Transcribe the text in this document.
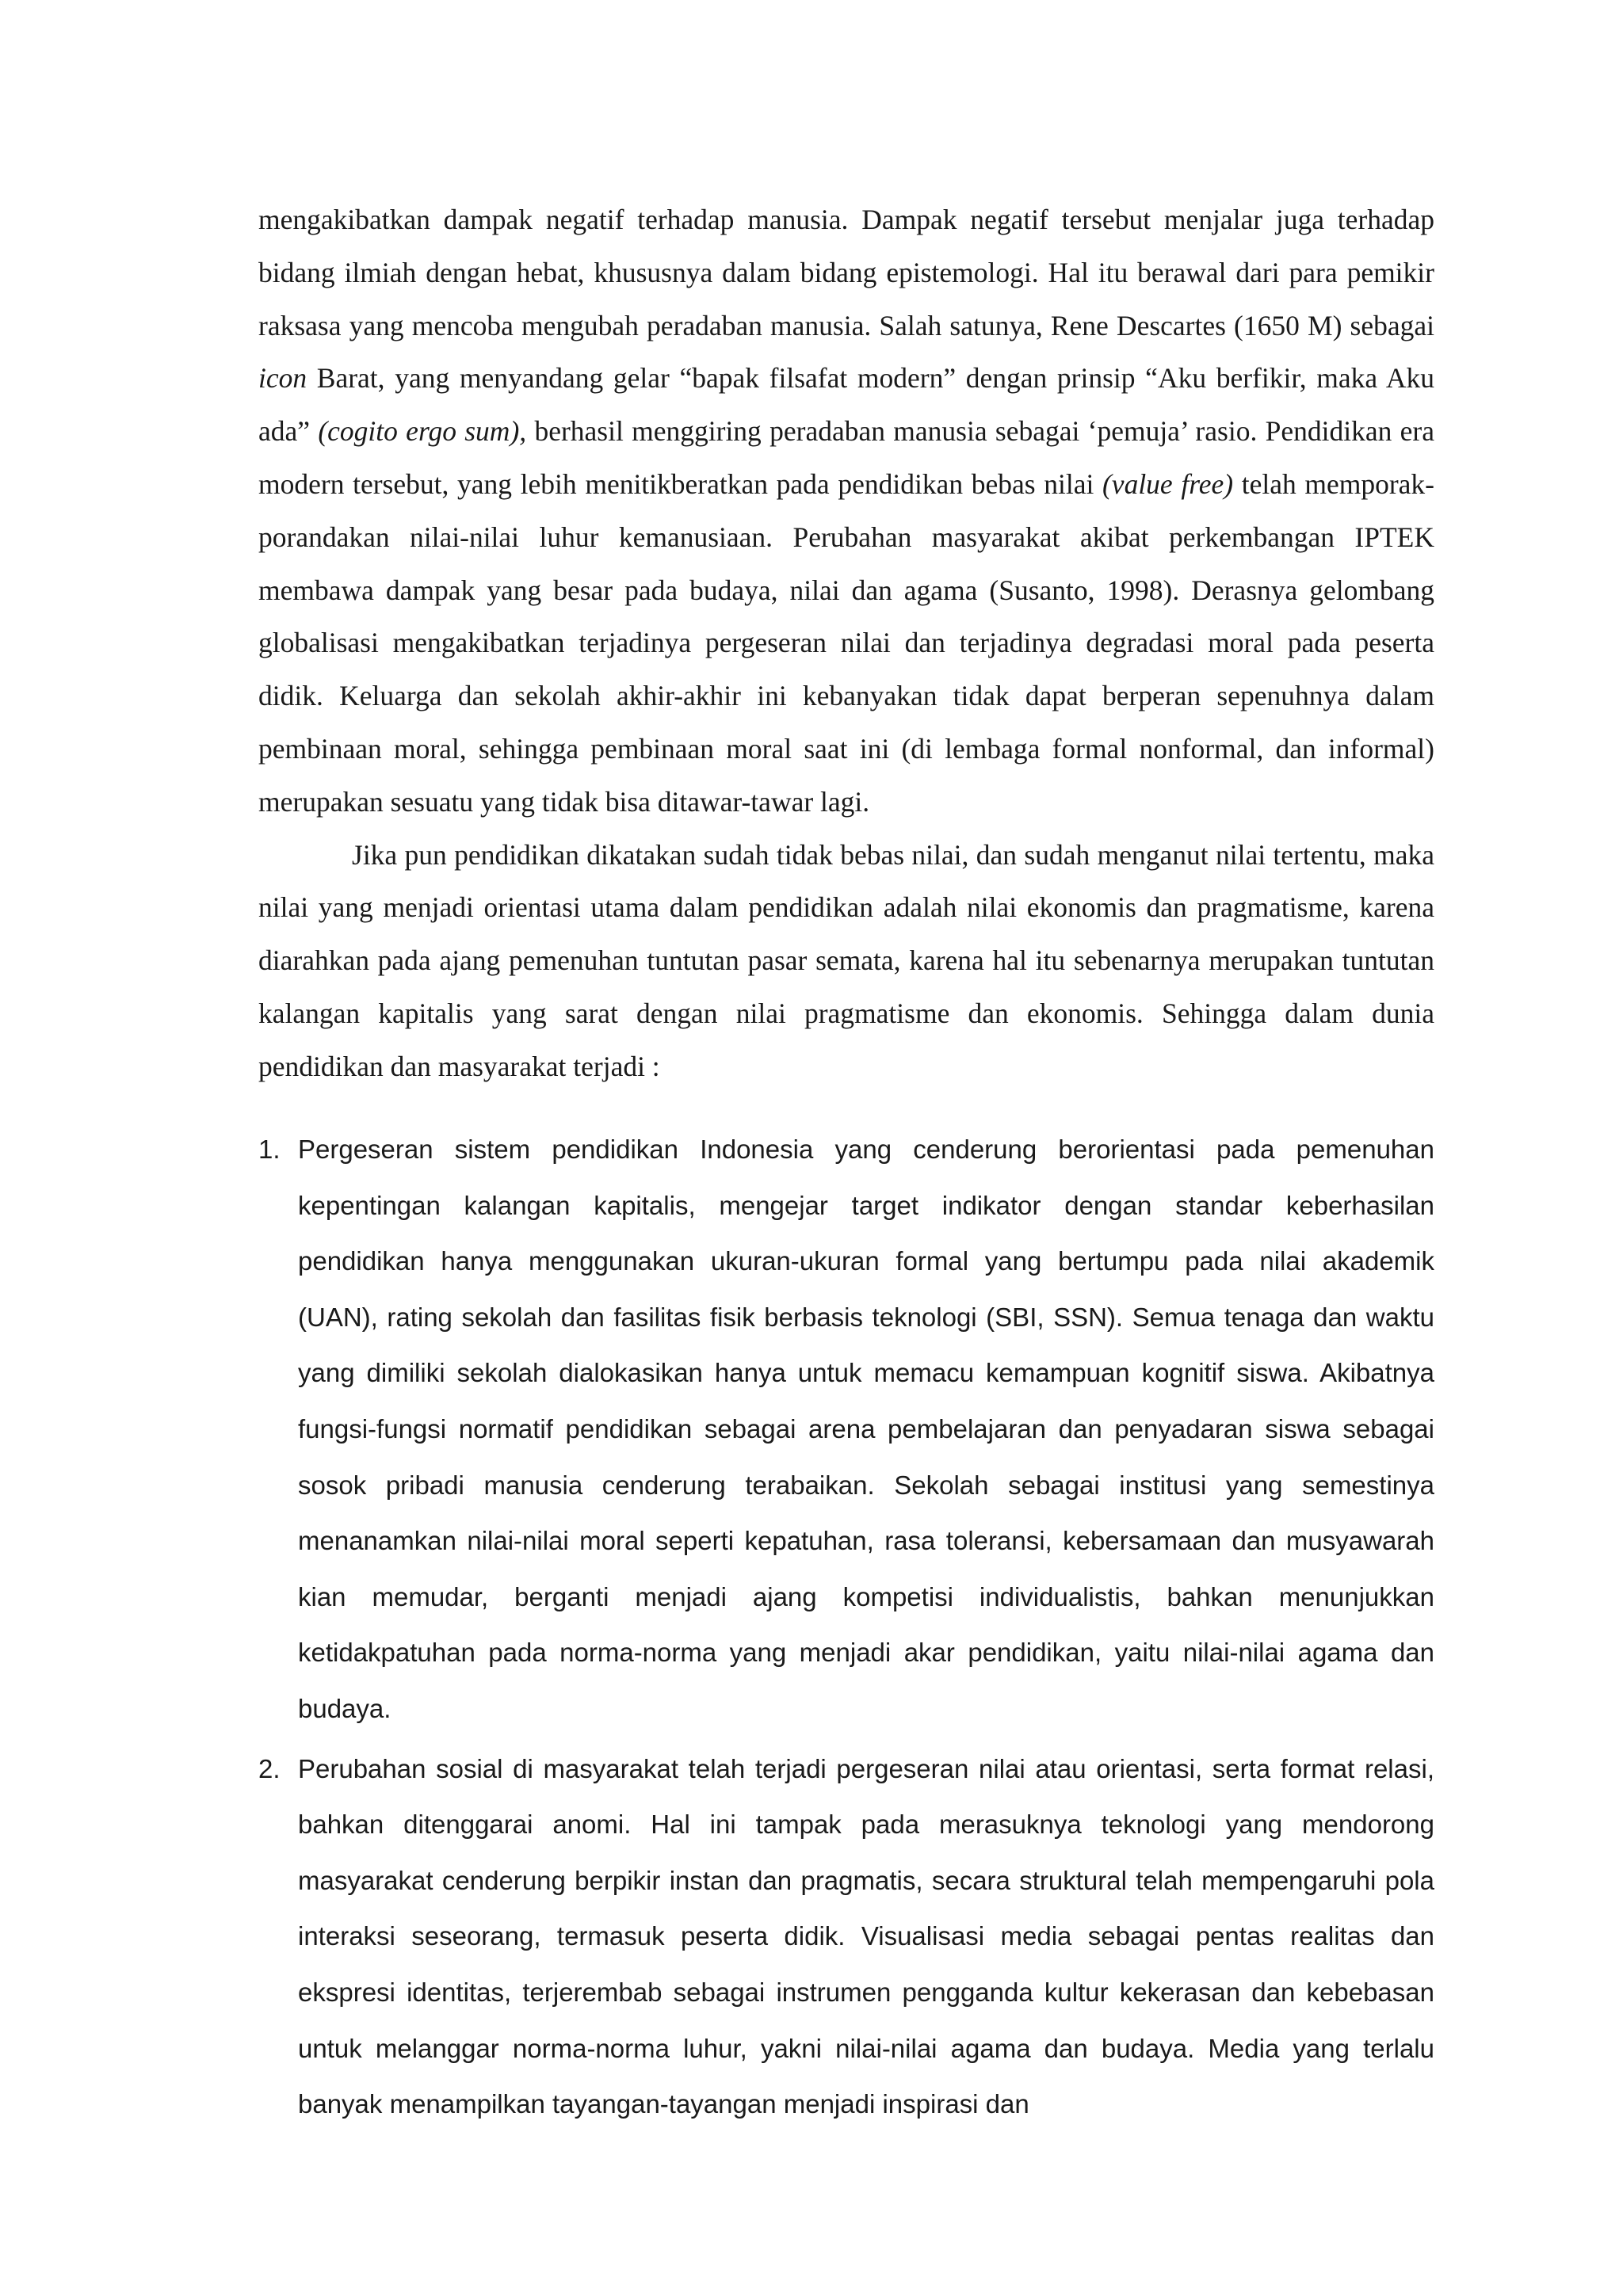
mengakibatkan dampak negatif terhadap manusia. Dampak negatif tersebut menjalar juga terhadap bidang ilmiah dengan hebat, khususnya dalam bidang epistemologi. Hal itu berawal dari para pemikir raksasa yang mencoba mengubah peradaban manusia. Salah satunya, Rene Descartes (1650 M) sebagai icon Barat, yang menyandang gelar “bapak filsafat modern” dengan prinsip “Aku berfikir, maka Aku ada” (cogito ergo sum), berhasil menggiring peradaban manusia sebagai ‘pemuja’ rasio. Pendidikan era modern tersebut, yang lebih menitikberatkan pada pendidikan bebas nilai (value free) telah memporak-porandakan nilai-nilai luhur kemanusiaan. Perubahan masyarakat akibat perkembangan IPTEK membawa dampak yang besar pada budaya, nilai dan agama (Susanto, 1998). Derasnya gelombang globalisasi mengakibatkan terjadinya pergeseran nilai dan terjadinya degradasi moral pada peserta didik. Keluarga dan sekolah akhir-akhir ini kebanyakan tidak dapat berperan sepenuhnya dalam pembinaan moral, sehingga pembinaan moral saat ini (di lembaga formal nonformal, dan informal) merupakan sesuatu yang tidak bisa ditawar-tawar lagi.

Jika pun pendidikan dikatakan sudah tidak bebas nilai, dan sudah menganut nilai tertentu, maka nilai yang menjadi orientasi utama dalam pendidikan adalah nilai ekonomis dan pragmatisme, karena diarahkan pada ajang pemenuhan tuntutan pasar semata, karena hal itu sebenarnya merupakan tuntutan kalangan kapitalis yang sarat dengan nilai pragmatisme dan ekonomis. Sehingga dalam dunia pendidikan dan masyarakat terjadi :

1. Pergeseran sistem pendidikan Indonesia yang cenderung berorientasi pada pemenuhan kepentingan kalangan kapitalis, mengejar target indikator dengan standar keberhasilan pendidikan hanya menggunakan ukuran-ukuran formal yang bertumpu pada nilai akademik (UAN), rating sekolah dan fasilitas fisik berbasis teknologi (SBI, SSN). Semua tenaga dan waktu yang dimiliki sekolah dialokasikan hanya untuk memacu kemampuan kognitif siswa. Akibatnya fungsi-fungsi normatif pendidikan sebagai arena pembelajaran dan penyadaran siswa sebagai sosok pribadi manusia cenderung terabaikan. Sekolah sebagai institusi yang semestinya menanamkan nilai-nilai moral seperti kepatuhan, rasa toleransi, kebersamaan dan musyawarah kian memudar, berganti menjadi ajang kompetisi individualistis, bahkan menunjukkan ketidakpatuhan pada norma-norma yang menjadi akar pendidikan, yaitu nilai-nilai agama dan budaya.
2. Perubahan sosial di masyarakat telah terjadi pergeseran nilai atau orientasi, serta format relasi, bahkan ditenggarai anomi. Hal ini tampak pada merasuknya teknologi yang mendorong masyarakat cenderung berpikir instan dan pragmatis, secara struktural telah mempengaruhi pola interaksi seseorang, termasuk peserta didik. Visualisasi media sebagai pentas realitas dan ekspresi identitas, terjerembab sebagai instrumen pengganda kultur kekerasan dan kebebasan untuk melanggar norma-norma luhur, yakni nilai-nilai agama dan budaya. Media yang terlalu banyak menampilkan tayangan-tayangan menjadi inspirasi dan
